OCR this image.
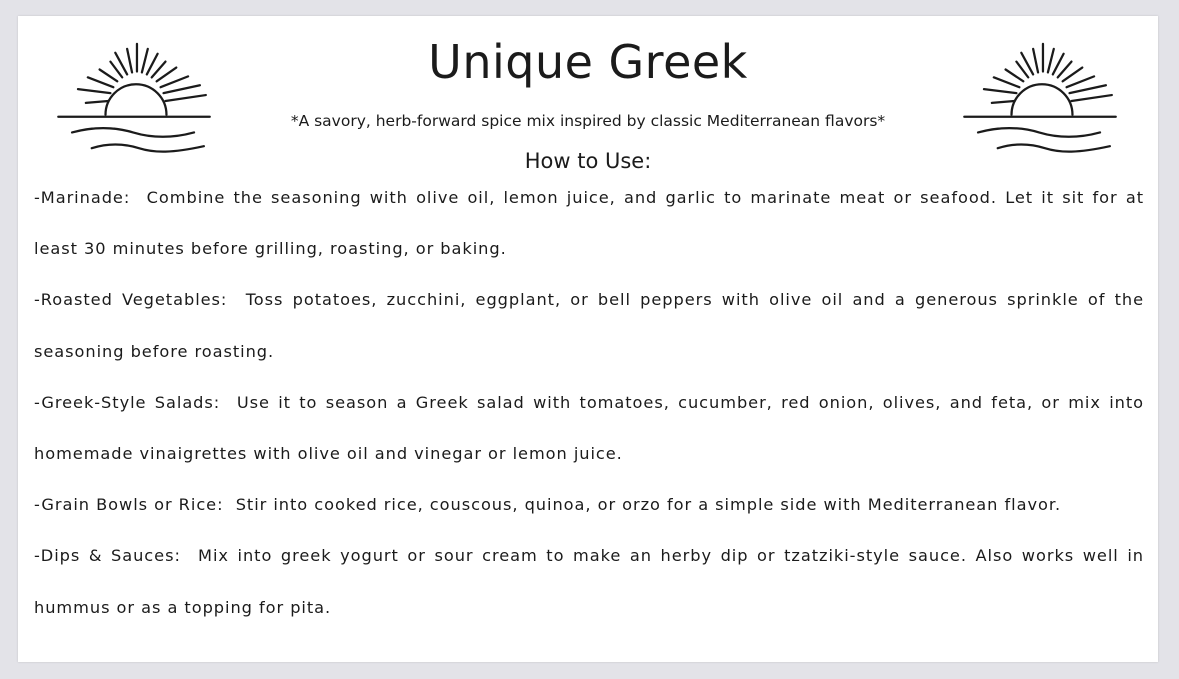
Unique Greek
*A savory, herb-forward spice mix inspired by classic Mediterranean flavors*
How to Use:

-Marinade:  Combine the seasoning with olive oil, lemon juice, and garlic to marinate meat or seafood. Let it sit for at least 30 minutes before grilling, roasting, or baking.

-Roasted Vegetables:  Toss potatoes, zucchini, eggplant, or bell peppers with olive oil and a generous sprinkle of the seasoning before roasting.

-Greek-Style Salads:  Use it to season a Greek salad with tomatoes, cucumber, red onion, olives, and feta, or mix into homemade vinaigrettes with olive oil and vinegar or lemon juice.

-Grain Bowls or Rice:  Stir into cooked rice, couscous, quinoa, or orzo for a simple side with Mediterranean flavor.

-Dips & Sauces:  Mix into greek yogurt or sour cream to make an herby dip or tzatziki-style sauce. Also works well in hummus or as a topping for pita.
